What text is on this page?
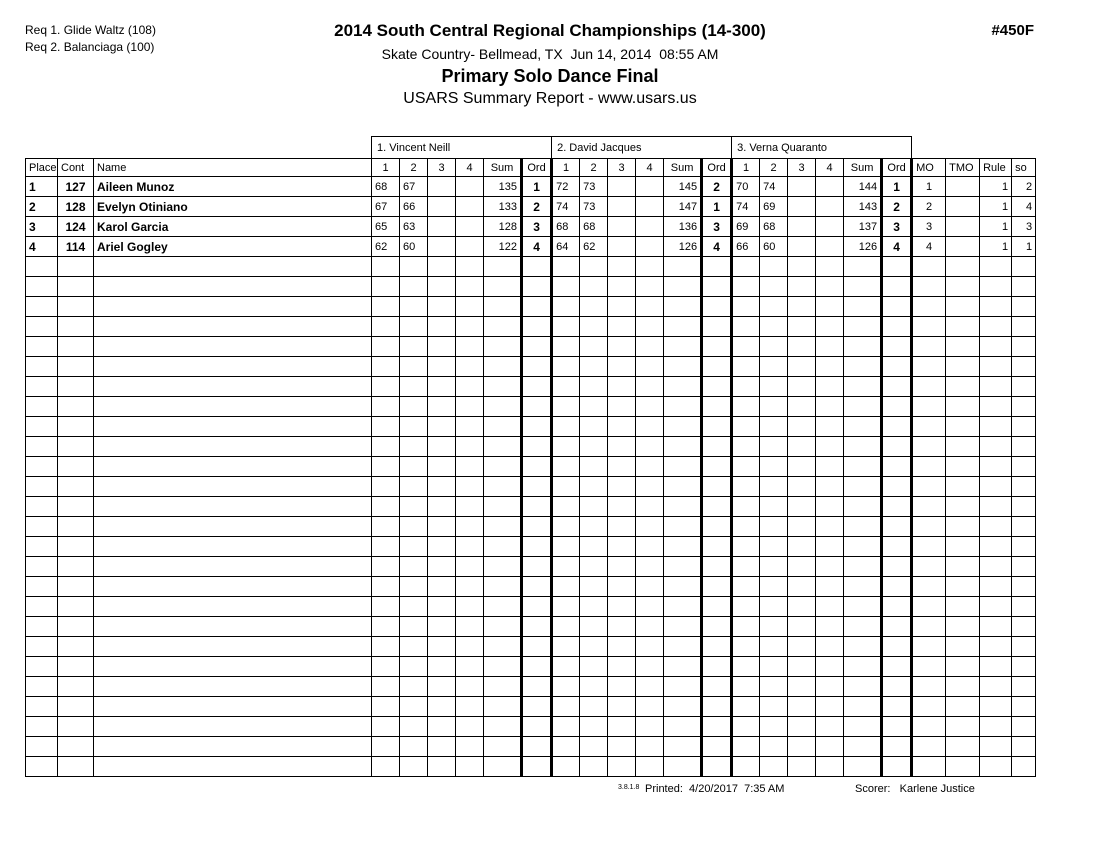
Req 1. Glide Waltz (108)
Req 2. Balanciaga (100)
2014 South Central Regional Championships (14-300)
Skate Country- Bellmead, TX  Jun 14, 2014  08:55 AM
Primary Solo Dance Final
USARS Summary Report - www.usars.us
#450F
			1. Vincent Neill						2. David Jacques						3. Verna Quaranto									
Place	Cont	Name	1	2	3	4	Sum	Ord	1	2	3	4	Sum	Ord	1	2	3	4	Sum	Ord	MO	TMO	Rule	so
1	127	Aileen Munoz	68	67			135	1	72	73			145	2	70	74			144	1	1		1	2
2	128	Evelyn Otiniano	67	66			133	2	74	73			147	1	74	69			143	2	2		1	4
3	124	Karol Garcia	65	63			128	3	68	68			136	3	69	68			137	3	3		1	3
4	114	Ariel Gogley	62	60			122	4	64	62			126	4	66	60			126	4	4		1	1

3.8.1.8 Printed:  4/20/2017  7:35 AM	Scorer: Karlene Justice
